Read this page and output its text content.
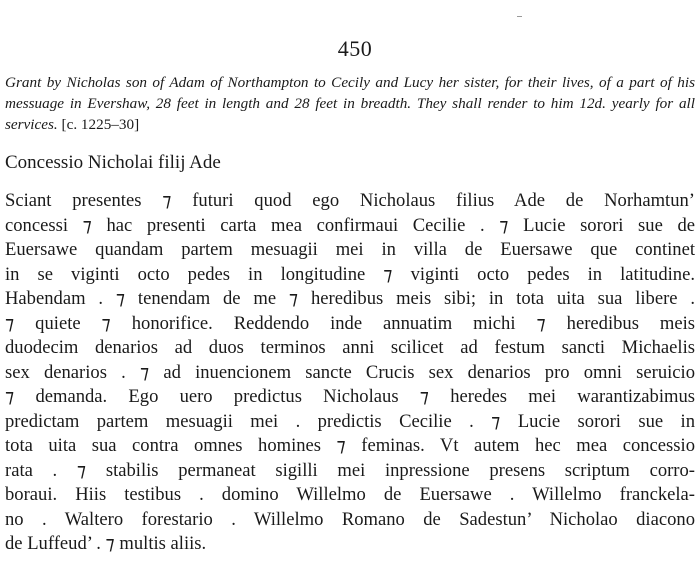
450
Grant by Nicholas son of Adam of Northampton to Cecily and Lucy her sister, for their lives, of a part of his messuage in Evershaw, 28 feet in length and 28 feet in breadth. They shall render to him 12d. yearly for all services. [c. 1225–30]
Concessio Nicholai filij Ade
Sciant presentes ⁊ futuri quod ego Nicholaus filius Ade de Norhamtun’
concessi ⁊ hac presenti carta mea confirmaui Cecilie . ⁊ Lucie sorori sue de
Euersawe quandam partem mesuagii mei in villa de Euersawe que continet
in se viginti octo pedes in longitudine ⁊ viginti octo pedes in latitudine.
Habendam . ⁊ tenendam de me ⁊ heredibus meis sibi; in tota uita sua libere .
⁊ quiete ⁊ honorifice. Reddendo inde annuatim michi ⁊ heredibus meis
duodecim denarios ad duos terminos anni scilicet ad festum sancti Michaelis
sex denarios . ⁊ ad inuencionem sancte Crucis sex denarios pro omni seruicio
⁊ demanda. Ego uero predictus Nicholaus ⁊ heredes mei warantizabimus
predictam partem mesuagii mei . predictis Cecilie . ⁊ Lucie sorori sue in
tota uita sua contra omnes homines ⁊ feminas. Vt autem hec mea concessio
rata . ⁊ stabilis permaneat sigilli mei inpressione presens scriptum corro-
boraui. Hiis testibus . domino Willelmo de Euersawe . Willelmo franckela-
no . Waltero forestario . Willelmo Romano de Sadestun’ Nicholao diacono
de Luffeud’ . ⁊ multis aliis.
